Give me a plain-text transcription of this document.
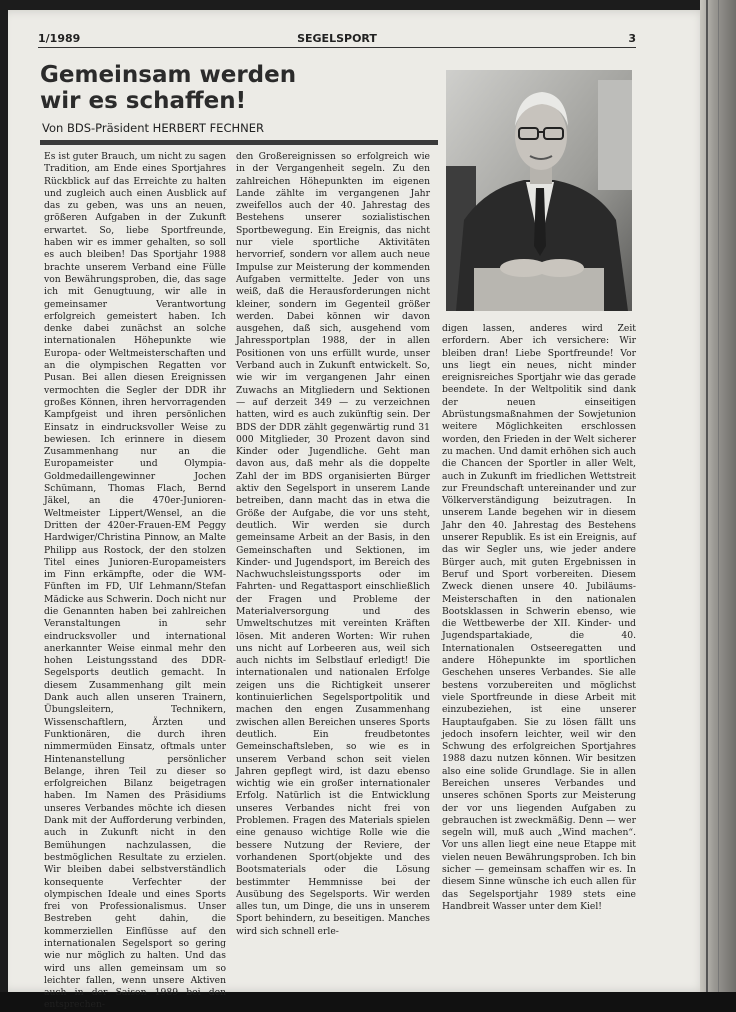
1/1989	SEGELSPORT	3
Gemeinsam werden
wir es schaffen!
Von BDS-Präsident HERBERT FECHNER

Es ist guter Brauch, um nicht zu sagen Tradition, am Ende eines Sportjahres Rückblick auf das Erreichte zu halten und zugleich auch einen Ausblick auf das zu geben, was uns an neuen, größeren Aufgaben in der Zukunft erwartet. So, liebe Sportfreunde, haben wir es immer gehalten, so soll es auch bleiben! Das Sportjahr 1988 brachte unserem Verband eine Fülle von Bewährungsproben, die, das sage ich mit Genugtuung, wir alle in gemeinsamer Verantwortung erfolgreich gemeistert haben. Ich denke dabei zunächst an solche internationalen Höhepunkte wie Europa- oder Weltmeisterschaften und an die olympischen Regatten vor Pusan. Bei allen diesen Ereignissen vermochten die Segler der DDR ihr großes Können, ihren hervorragenden Kampfgeist und ihren persönlichen Einsatz in eindrucksvoller Weise zu bewiesen. Ich erinnere in diesem Zusammenhang nur an die Europameister und Olympia-Goldmedaillengewinner Jochen Schümann, Thomas Flach, Bernd Jäkel, an die 470er-Junioren-Weltmeister Lippert/Wensel, an die Dritten der 420er-Frauen-EM Peggy Hardwiger/Christina Pinnow, an Malte Philipp aus Rostock, der den stolzen Titel eines Junioren-Europameisters im Finn erkämpfte, oder die WM-Fünften im FD, Ulf Lehmann/Stefan Mädicke aus Schwerin. Doch nicht nur die Genannten haben bei zahlreichen Veranstaltungen in sehr eindrucksvoller und international anerkannter Weise einmal mehr den hohen Leistungsstand des DDR-Segelsports deutlich gemacht. In diesem Zusammenhang gilt mein Dank auch allen unseren Trainern, Übungsleitern, Technikern, Wissenschaftlern, Ärzten und Funktionären, die durch ihren nimmermüden Einsatz, oftmals unter Hintenanstellung persönlicher Belange, ihren Teil zu dieser so erfolgreichen Bilanz beigetragen haben. Im Namen des Präsidiums unseres Verbandes möchte ich diesen Dank mit der Aufforderung verbinden, auch in Zukunft nicht in den Bemühungen nachzulassen, die bestmöglichen Resultate zu erzielen. Wir bleiben dabei selbstverständlich konsequente Verfechter der olympischen Ideale und eines Sports frei von Professionalismus. Unser Bestreben geht dahin, die kommerziellen Einflüsse auf den internationalen Segelsport so gering wie nur möglich zu halten. Und das wird uns allen gemeinsam um so leichter fallen, wenn unsere Aktiven auch in der Saison 1989 bei den entsprechen-

den Großereignissen so erfolgreich wie in der Vergangenheit segeln. Zu den zahlreichen Höhepunkten im eigenen Lande zählte im vergangenen Jahr zweifellos auch der 40. Jahrestag des Bestehens unserer sozialistischen Sportbewegung. Ein Ereignis, das nicht nur viele sportliche Aktivitäten hervorrief, sondern vor allem auch neue Impulse zur Meisterung der kommenden Aufgaben vermittelte. Jeder von uns weiß, daß die Herausforderungen nicht kleiner, sondern im Gegenteil größer werden. Dabei können wir davon ausgehen, daß sich, ausgehend vom Jahressportplan 1988, der in allen Positionen von uns erfüllt wurde, unser Verband auch in Zukunft entwickelt. So, wie wir im vergangenen Jahr einen Zuwachs an Mitgliedern und Sektionen — auf derzeit 349 — zu verzeichnen hatten, wird es auch zukünftig sein. Der BDS der DDR zählt gegenwärtig rund 31 000 Mitglieder, 30 Prozent davon sind Kinder oder Jugendliche. Geht man davon aus, daß mehr als die doppelte Zahl der im BDS organisierten Bürger aktiv den Segelsport in unserem Lande betreiben, dann macht das in etwa die Größe der Aufgabe, die vor uns steht, deutlich. Wir werden sie durch gemeinsame Arbeit an der Basis, in den Gemeinschaften und Sektionen, im Kinder- und Jugendsport, im Bereich des Nachwuchsleistungssports oder im Fahrten- und Regattasport einschließlich der Fragen und Probleme der Materialversorgung und des Umweltschutzes mit vereinten Kräften lösen. Mit anderen Worten: Wir ruhen uns nicht auf Lorbeeren aus, weil sich auch nichts im Selbstlauf erledigt! Die internationalen und nationalen Erfolge zeigen uns die Richtigkeit unserer kontinuierlichen Segelsportpolitik und machen den engen Zusammenhang zwischen allen Bereichen unseres Sports deutlich. Ein freudbetontes Gemeinschaftsleben, so wie es in unserem Verband schon seit vielen Jahren gepflegt wird, ist dazu ebenso wichtig wie ein großer internationaler Erfolg. Natürlich ist die Entwicklung unseres Verbandes nicht frei von Problemen. Fragen des Materials spielen eine genauso wichtige Rolle wie die bessere Nutzung der Reviere, der vorhandenen Sport(objekte und des Bootsmaterials oder die Lösung bestimmter Hemmnisse bei der Ausübung des Segelsports. Wir werden alles tun, um Dinge, die uns in unserem Sport behindern, zu beseitigen. Manches wird sich schnell erle-

digen lassen, anderes wird Zeit erfordern. Aber ich versichere: Wir bleiben dran! Liebe Sportfreunde! Vor uns liegt ein neues, nicht minder ereignisreiches Sportjahr wie das gerade beendete. In der Weltpolitik sind dank der neuen einseitigen Abrüstungsmaßnahmen der Sowjetunion weitere Möglichkeiten erschlossen worden, den Frieden in der Welt sicherer zu machen. Und damit erhöhen sich auch die Chancen der Sportler in aller Welt, auch in Zukunft im friedlichen Wettstreit zur Freundschaft untereinander und zur Völkerverständigung beizutragen. In unserem Lande begehen wir in diesem Jahr den 40. Jahrestag des Bestehens unserer Republik. Es ist ein Ereignis, auf das wir Segler uns, wie jeder andere Bürger auch, mit guten Ergebnissen in Beruf und Sport vorbereiten. Diesem Zweck dienen unsere 40. Jubiläums-Meisterschaften in den nationalen Bootsklassen in Schwerin ebenso, wie die Wettbewerbe der XII. Kinder- und Jugendspartakiade, die 40. Internationalen Ostseeregatten und andere Höhepunkte im sportlichen Geschehen unseres Verbandes. Sie alle bestens vorzubereiten und möglichst viele Sportfreunde in diese Arbeit mit einzubeziehen, ist eine unserer Hauptaufgaben. Sie zu lösen fällt uns jedoch insofern leichter, weil wir den Schwung des erfolgreichen Sportjahres 1988 dazu nutzen können. Wir besitzen also eine solide Grundlage. Sie in allen Bereichen unseres Verbandes und unseres schönen Sports zur Meisterung der vor uns liegenden Aufgaben zu gebrauchen ist zweckmäßig. Denn — wer segeln will, muß auch „Wind machen“. Vor uns allen liegt eine neue Etappe mit vielen neuen Bewährungsproben. Ich bin sicher — gemeinsam schaffen wir es. In diesem Sinne wünsche ich euch allen für das Segelsportjahr 1989 stets eine Handbreit Wasser unter dem Kiel!
